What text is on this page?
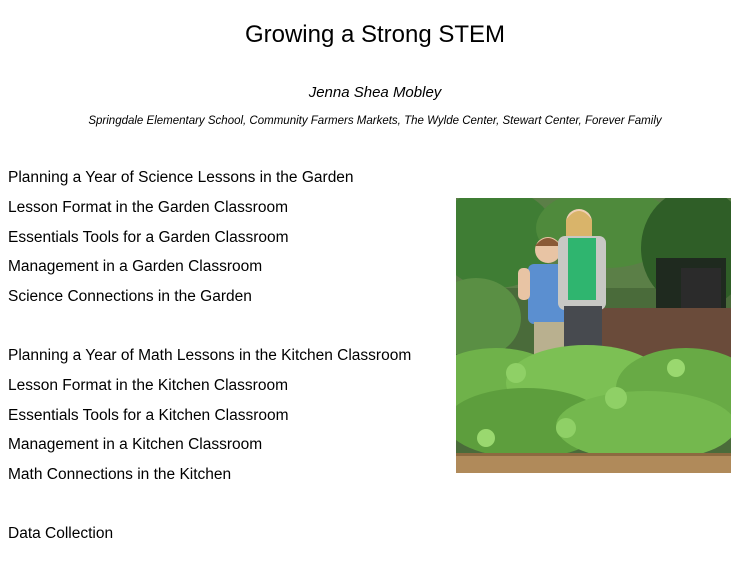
Growing a Strong STEM
Jenna Shea Mobley
Springdale Elementary School, Community Farmers Markets, The Wylde Center, Stewart Center, Forever Family
Planning a Year of Science Lessons in the Garden
Lesson Format in the Garden Classroom
Essentials Tools for a Garden Classroom
Management in a Garden Classroom
Science Connections in the Garden
Planning a Year of Math Lessons in the Kitchen Classroom
Lesson Format in the Kitchen Classroom
Essentials Tools for a Kitchen Classroom
Management in a Kitchen Classroom
Math Connections in the Kitchen
Data Collection
